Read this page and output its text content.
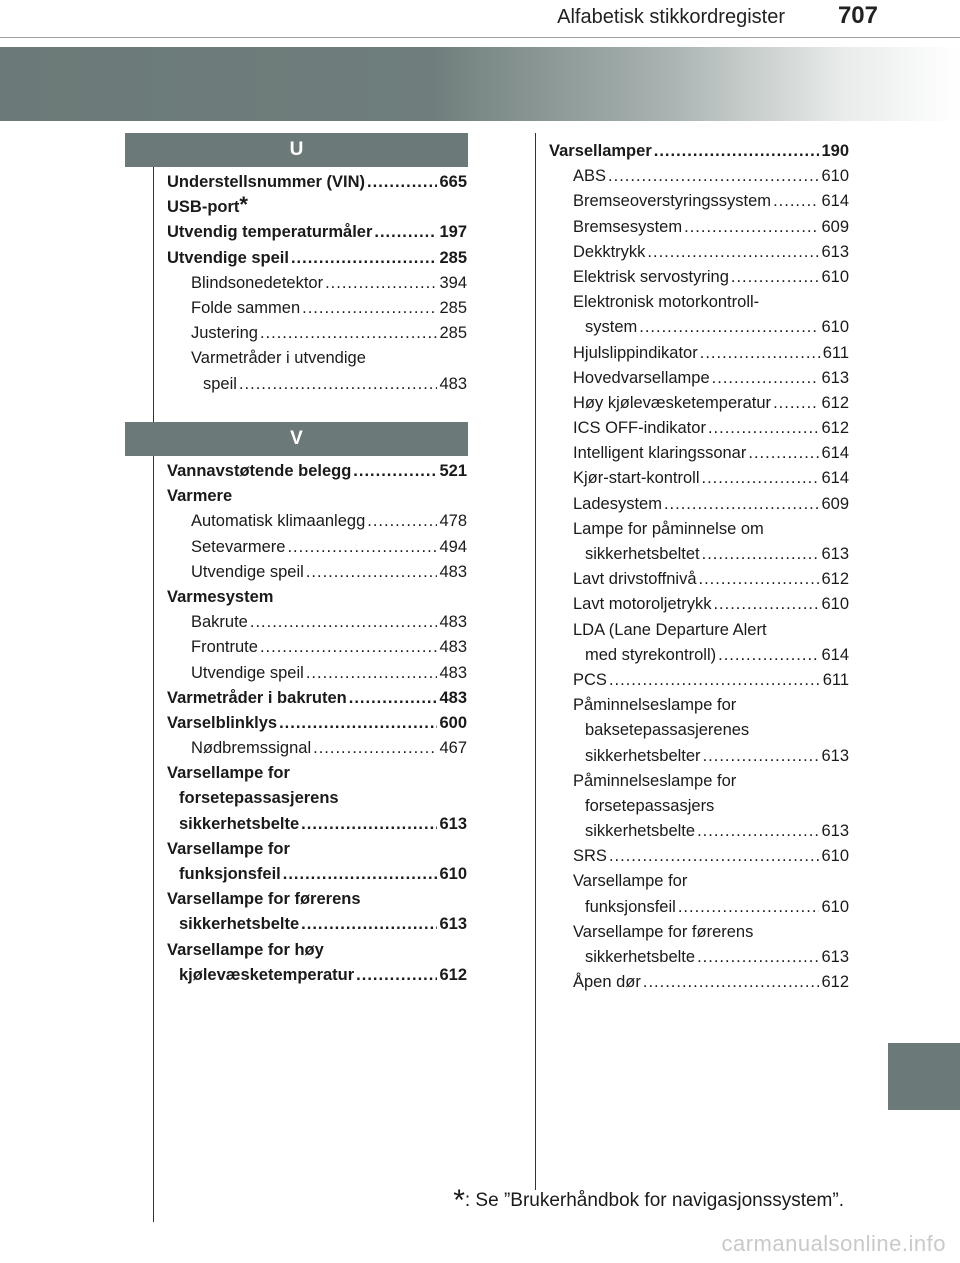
Alfabetisk stikkordregister 707
U
Understellsnummer (VIN) .....	665
USB-port *
Utvendig temperaturmåler .....	197
Utvendige speil .....	285
Blindsonedetektor .....	394
Folde sammen .....	285
Justering .....	285
Varmetråder i utvendige
speil .....	483
V
Vannavstøtende belegg .....	521
Varmere
Automatisk klimaanlegg .....	478
Setevarmere .....	494
Utvendige speil .....	483
Varmesystem
Bakrute .....	483
Frontrute .....	483
Utvendige speil .....	483
Varmetråder i bakruten .....	483
Varselblinklys .....	600
Nødbremssignal .....	467
Varsellampe for
forsetepassasjerens
sikkerhetsbelte .....	613
Varsellampe for
funksjonsfeil .....	610
Varsellampe for førerens
sikkerhetsbelte .....	613
Varsellampe for høy
kjølevæsketemperatur .....	612
Varsellamper .....	190
ABS .....	610
Bremseoverstyringssystem .....	614
Bremsesystem .....	609
Dekktrykk .....	613
Elektrisk servostyring .....	610
Elektronisk motorkontroll-
system .....	610
Hjulslippindikator .....	611
Hovedvarsellampe .....	613
Høy kjølevæsketemperatur .....	612
ICS OFF-indikator .....	612
Intelligent klaringssonar .....	614
Kjør-start-kontroll .....	614
Ladesystem .....	609
Lampe for påminnelse om
sikkerhetsbeltet .....	613
Lavt drivstoffnivå .....	612
Lavt motoroljetrykk .....	610
LDA (Lane Departure Alert
med styrekontroll) .....	614
PCS .....	611
Påminnelseslampe for
baksetepassasjerenes
sikkerhetsbelter .....	613
Påminnelseslampe for
forsetepassasjers
sikkerhetsbelte .....	613
SRS .....	610
Varsellampe for
funksjonsfeil .....	610
Varsellampe for førerens
sikkerhetsbelte .....	613
Åpen dør .....	612
*: Se ”Brukerhåndbok for navigasjonssystem”.
carmanualsonline.info
